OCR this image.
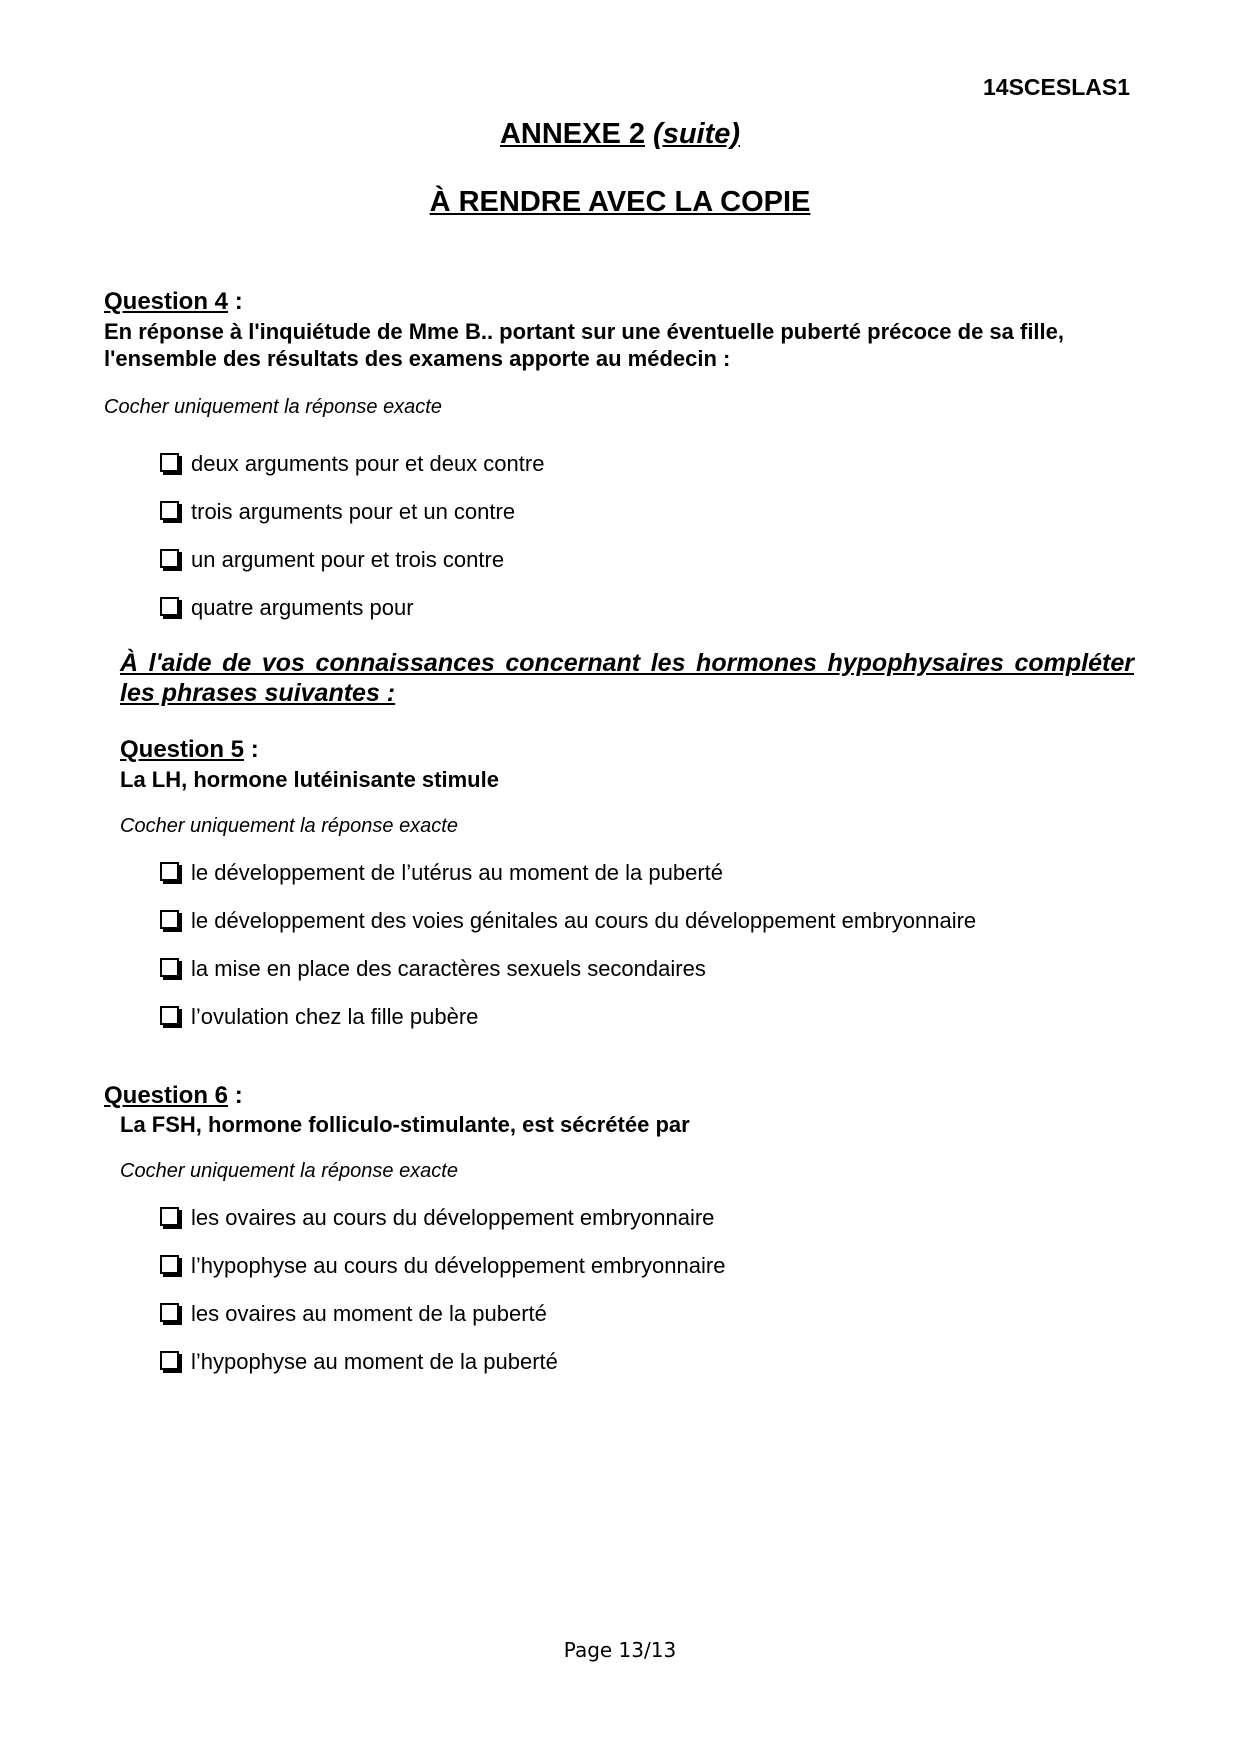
14SCESLAS1
ANNEXE 2 (suite)
À RENDRE AVEC LA COPIE
Question 4 :
En réponse à l'inquiétude de Mme B.. portant sur une éventuelle puberté précoce de sa fille,
l'ensemble des résultats des examens apporte au médecin :
Cocher uniquement la réponse exacte
deux arguments pour et deux contre
trois arguments pour et un contre
un argument pour et trois contre
quatre arguments pour
À l'aide de vos connaissances concernant les hormones hypophysaires compléter les phrases suivantes :
Question 5 :
La LH, hormone lutéinisante stimule
Cocher uniquement la réponse exacte
le développement de l’utérus au moment de la puberté
le développement des voies génitales au cours du développement embryonnaire
la mise en place des caractères sexuels secondaires
l’ovulation chez la fille pubère
Question 6 :
La FSH, hormone folliculo-stimulante, est sécrétée par
Cocher uniquement la réponse exacte
les ovaires au cours du développement embryonnaire
l’hypophyse au cours du développement embryonnaire
les ovaires au moment de la puberté
l’hypophyse au moment de la puberté
Page 13/13
